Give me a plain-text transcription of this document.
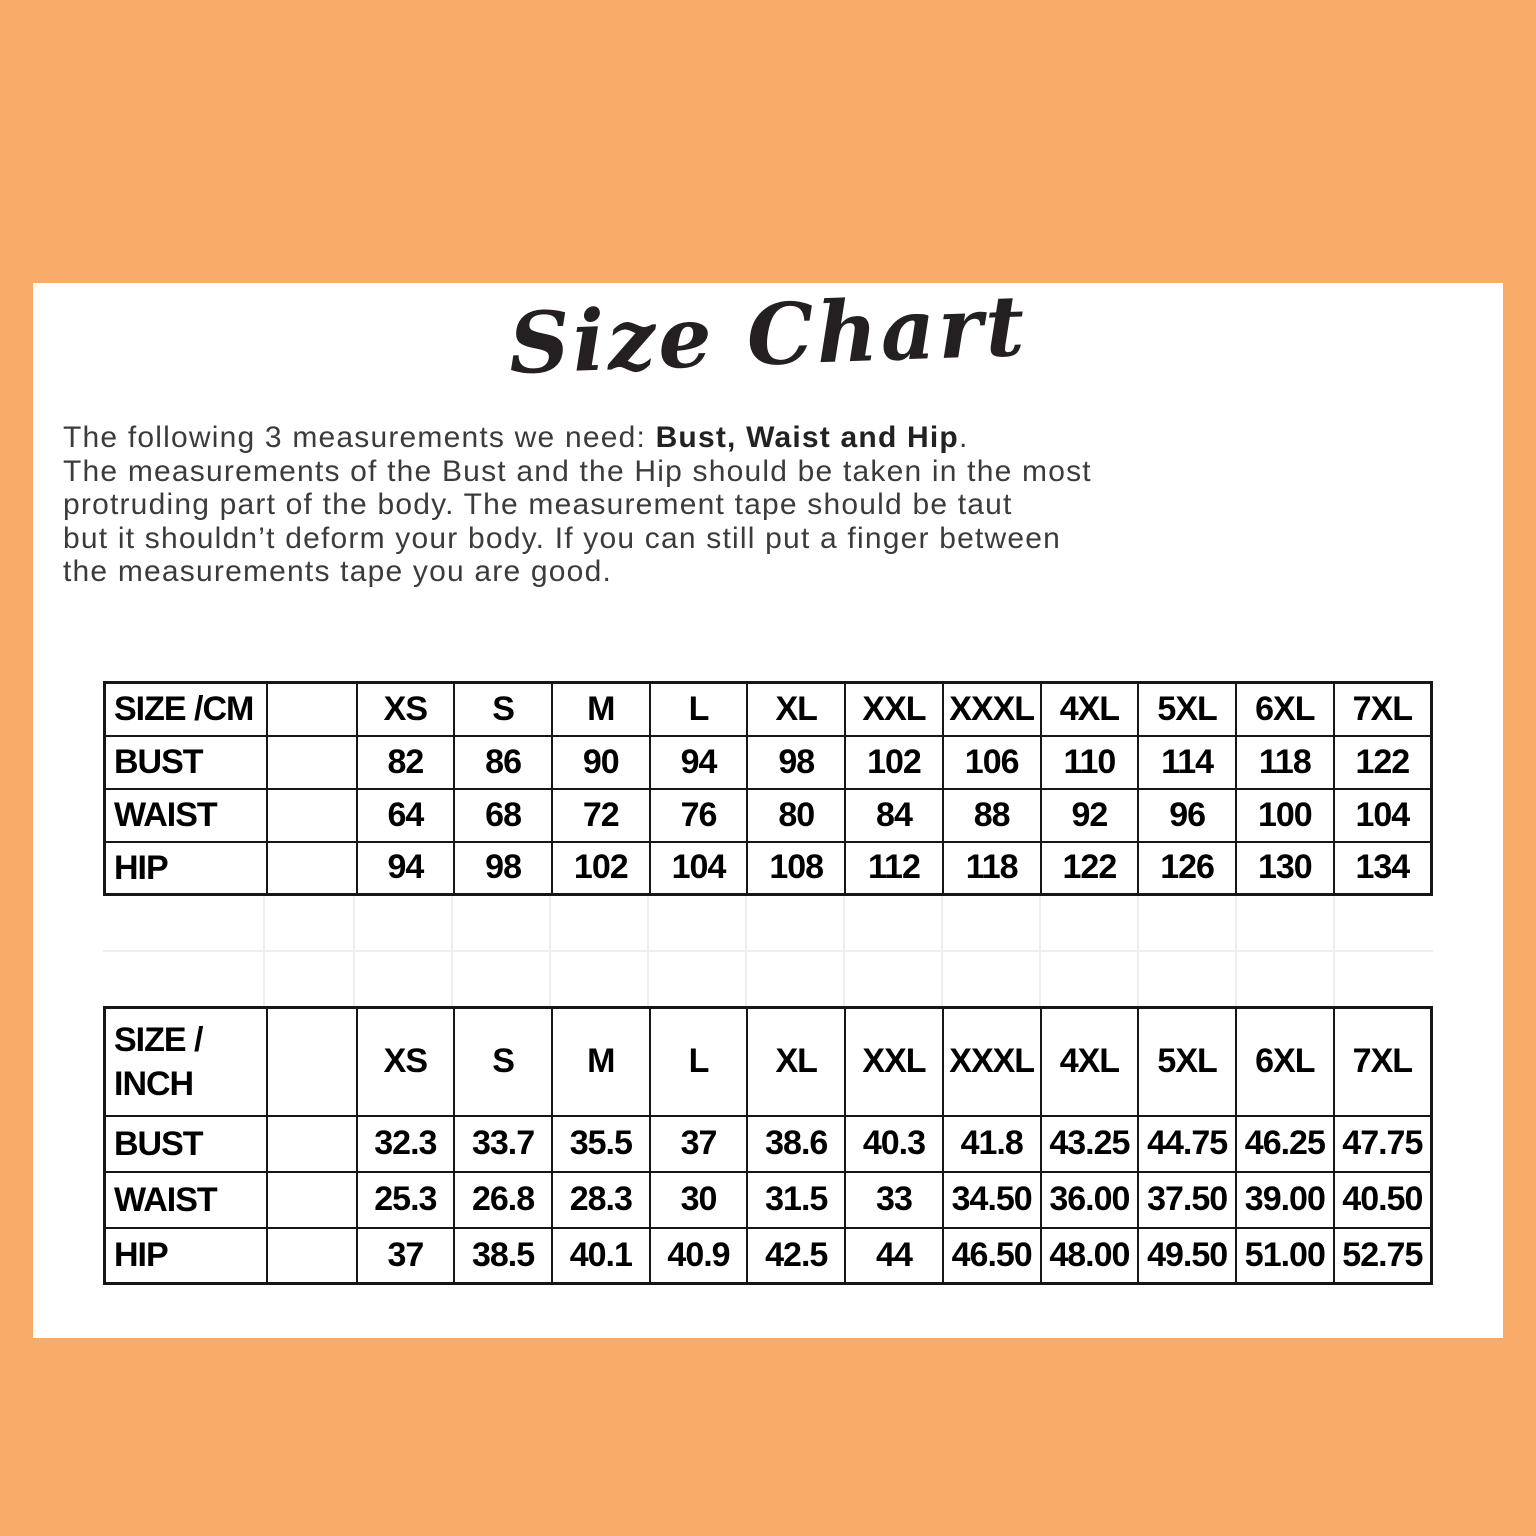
Size Chart
The following 3 measurements we need: Bust, Waist and Hip.
The measurements of the Bust and the Hip should be taken in the most
protruding part of the body. The measurement tape should be taut
but it shouldn’t deform your body. If you can still put a finger between
the measurements tape you are good.
SIZE /CM		XS	S	M	L	XL	XXL	XXXL	4XL	5XL	6XL	7XL
BUST		82	86	90	94	98	102	106	110	114	118	122
WAIST		64	68	72	76	80	84	88	92	96	100	104
HIP		94	98	102	104	108	112	118	122	126	130	134
SIZE /
INCH		XS	S	M	L	XL	XXL	XXXL	4XL	5XL	6XL	7XL
BUST		32.3	33.7	35.5	37	38.6	40.3	41.8	43.25	44.75	46.25	47.75
WAIST		25.3	26.8	28.3	30	31.5	33	34.50	36.00	37.50	39.00	40.50
HIP		37	38.5	40.1	40.9	42.5	44	46.50	48.00	49.50	51.00	52.75
